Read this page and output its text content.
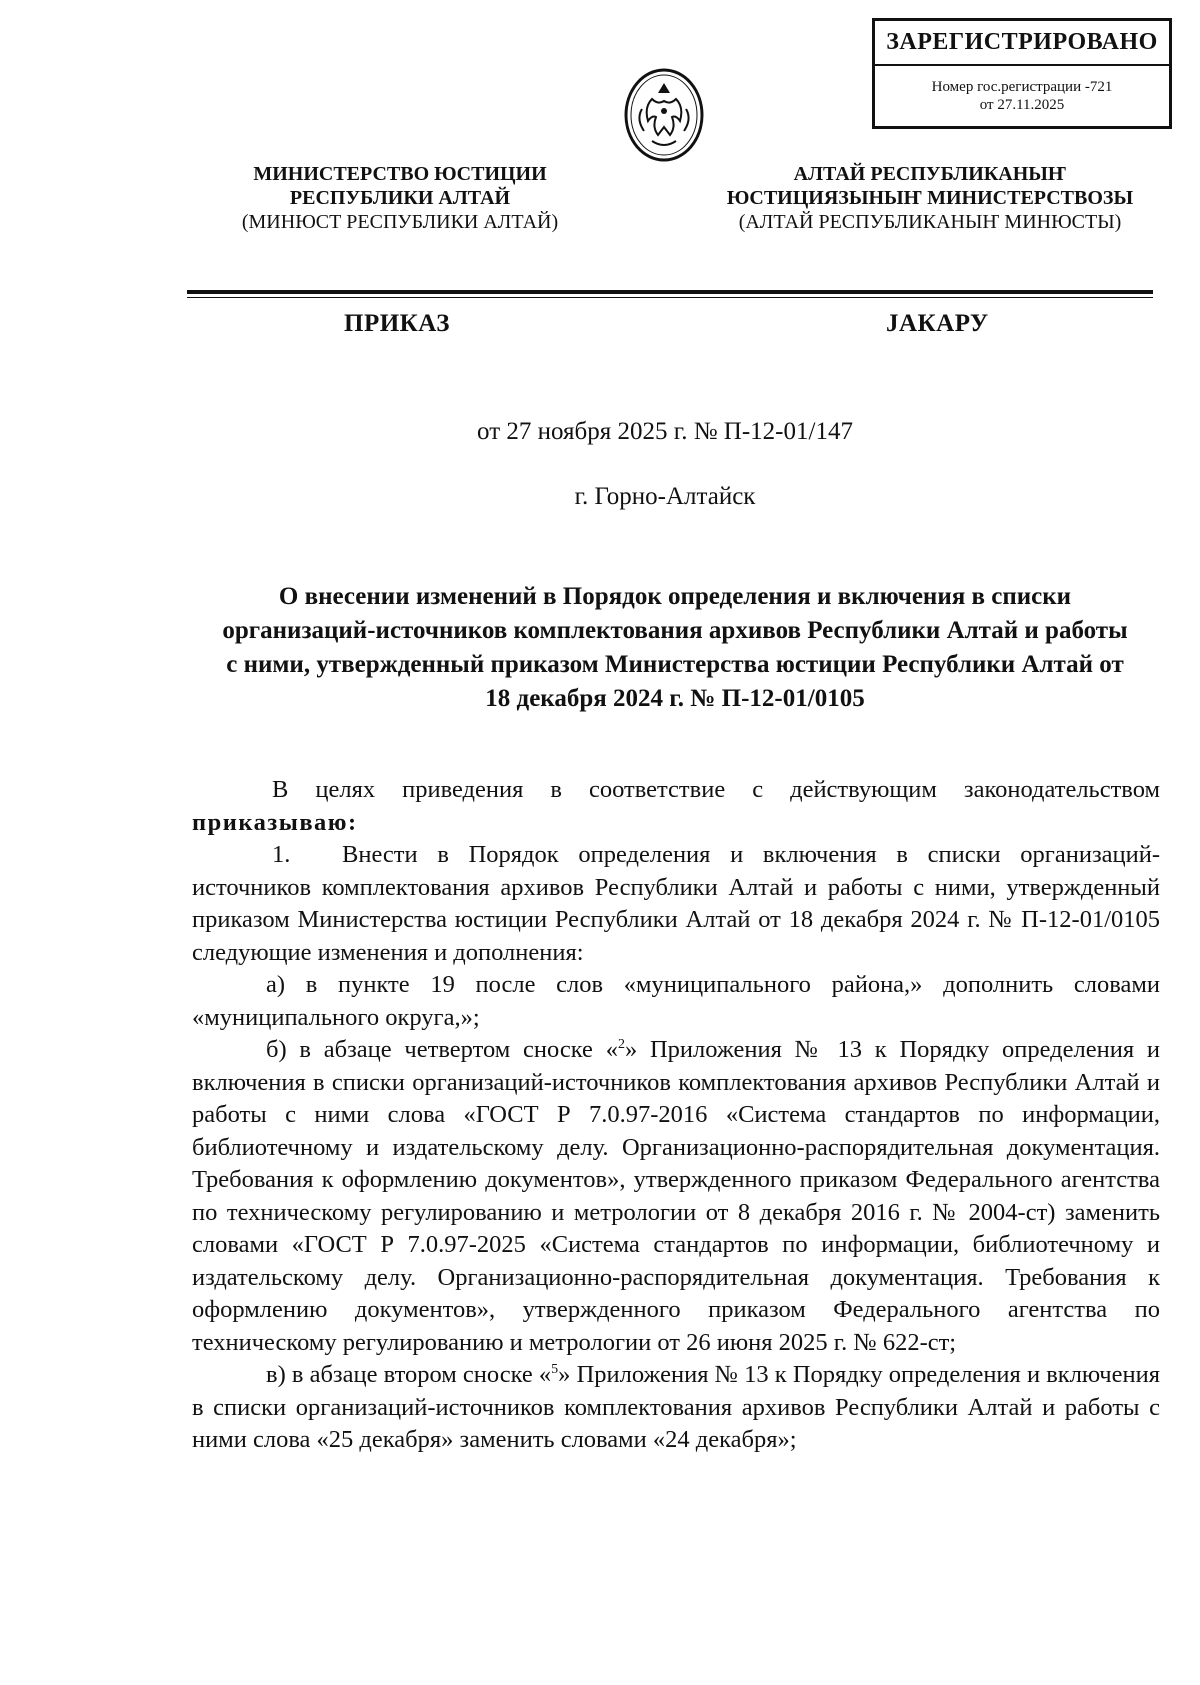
ЗАРЕГИСТРИРОВАНО
Номер гос.регистрации -721
от 27.11.2025
МИНИСТЕРСТВО ЮСТИЦИИ
РЕСПУБЛИКИ АЛТАЙ
(МИНЮСТ РЕСПУБЛИКИ АЛТАЙ)
АЛТАЙ РЕСПУБЛИКАНЫҤ
ЮСТИЦИЯЗЫНЫҤ МИНИСТЕРСТВОЗЫ
(АЛТАЙ РЕСПУБЛИКАНЫҤ МИНЮСТЫ)
ПРИКАЗ	ЈАКАРУ
от 27 ноября 2025 г. № П-12-01/147
г. Горно-Алтайск
О внесении изменений в Порядок определения и включения в списки организаций-источников комплектования архивов Республики Алтай и работы с ними, утвержденный приказом Министерства юстиции Республики Алтай от 18 декабря 2024 г. № П-12-01/0105

В целях приведения в соответствие с действующим законодательством приказываю:

1. Внести в Порядок определения и включения в списки организаций-источников комплектования архивов Республики Алтай и работы с ними, утвержденный приказом Министерства юстиции Республики Алтай от 18 декабря 2024 г. № П-12-01/0105 следующие изменения и дополнения:

а) в пункте 19 после слов «муниципального района,» дополнить словами «муниципального округа,»;

б) в абзаце четвертом сноске «$^2$» Приложения № 13 к Порядку определения и включения в списки организаций-источников комплектования архивов Республики Алтай и работы с ними слова «ГОСТ Р 7.0.97-2016 «Система стандартов по информации, библиотечному и издательскому делу. Организационно-распорядительная документация. Требования к оформлению документов», утвержденного приказом Федерального агентства по техническому регулированию и метрологии от 8 декабря 2016 г. № 2004-ст) заменить словами «ГОСТ Р 7.0.97-2025 «Система стандартов по информации, библиотечному и издательскому делу. Организационно-распорядительная документация. Требования к оформлению документов», утвержденного приказом Федерального агентства по техническому регулированию и метрологии от 26 июня 2025 г. № 622-ст;

в) в абзаце втором сноске «$^5$» Приложения № 13 к Порядку определения и включения в списки организаций-источников комплектования архивов Республики Алтай и работы с ними слова «25 декабря» заменить словами «24 декабря»;
